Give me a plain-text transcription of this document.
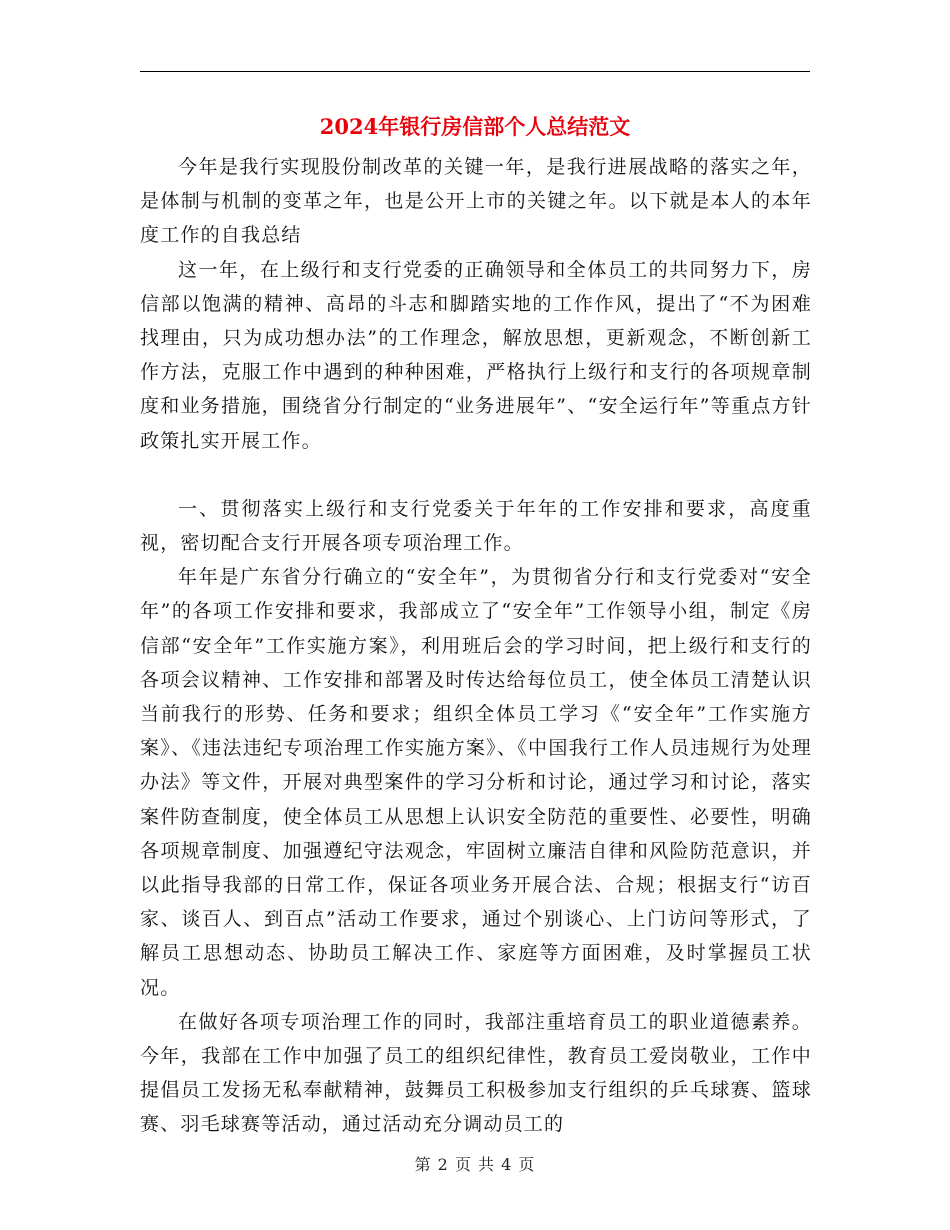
2024年银行房信部个人总结范文

今年是我行实现股份制改革的关键一年，是我行进展战略的落实之年，是体制与机制的变革之年，也是公开上市的关键之年。以下就是本人的本年度工作的自我总结

这一年，在上级行和支行党委的正确领导和全体员工的共同努力下，房信部以饱满的精神、高昂的斗志和脚踏实地的工作作风，提出了“不为困难找理由，只为成功想办法”的工作理念，解放思想，更新观念，不断创新工作方法，克服工作中遇到的种种困难，严格执行上级行和支行的各项规章制度和业务措施，围绕省分行制定的“业务进展年”、“安全运行年”等重点方针政策扎实开展工作。

一、贯彻落实上级行和支行党委关于年年的工作安排和要求，高度重视，密切配合支行开展各项专项治理工作。

年年是广东省分行确立的“安全年”，为贯彻省分行和支行党委对“安全年”的各项工作安排和要求，我部成立了“安全年”工作领导小组，制定《房信部“安全年”工作实施方案》，利用班后会的学习时间，把上级行和支行的各项会议精神、工作安排和部署及时传达给每位员工，使全体员工清楚认识当前我行的形势、任务和要求；组织全体员工学习《“安全年”工作实施方案》、《违法违纪专项治理工作实施方案》、《中国我行工作人员违规行为处理办法》等文件，开展对典型案件的学习分析和讨论，通过学习和讨论，落实案件防查制度，使全体员工从思想上认识安全防范的重要性、必要性，明确各项规章制度、加强遵纪守法观念，牢固树立廉洁自律和风险防范意识，并以此指导我部的日常工作，保证各项业务开展合法、合规；根据支行“访百家、谈百人、到百点”活动工作要求，通过个别谈心、上门访问等形式，了解员工思想动态、协助员工解决工作、家庭等方面困难，及时掌握员工状况。

在做好各项专项治理工作的同时，我部注重培育员工的职业道德素养。今年，我部在工作中加强了员工的组织纪律性，教育员工爱岗敬业，工作中提倡员工发扬无私奉献精神，鼓舞员工积极参加支行组织的乒乓球赛、篮球赛、羽毛球赛等活动，通过活动充分调动员工的

第 2 页 共 4 页
